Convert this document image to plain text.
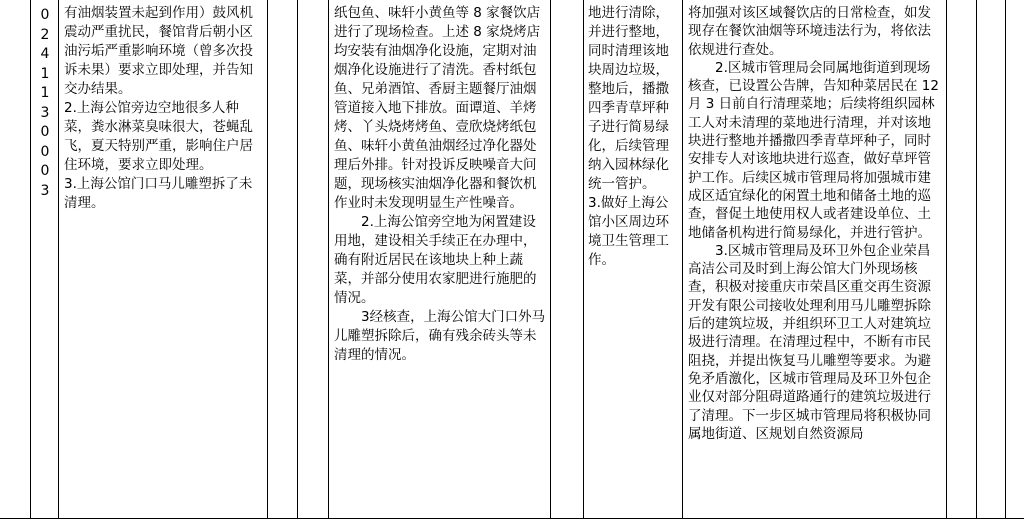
0
2
4
1
1
3
0
0
0
3

有油烟装置未起到作用）鼓风机震动严重扰民，餐馆背后朝小区油污垢严重影响环境（曾多次投诉未果）要求立即处理，并告知交办结果。

2.上海公馆旁边空地很多人种菜，粪水淋菜臭味很大，苍蝇乱飞，夏天特别严重，影响住户居住环境，要求立即处理。

3.上海公馆门口马儿雕塑拆了未清理。

纸包鱼、味轩小黄鱼等 8 家餐饮店进行了现场检查。上述 8 家烧烤店均安装有油烟净化设施，定期对油烟净化设施进行了清洗。香村纸包鱼、兄弟酒馆、香厨主题餐厅油烟管道接入地下排放。面谭道、羊烤烤、丫头烧烤烤鱼、壹欣烧烤纸包鱼、味轩小黄鱼油烟经过净化器处理后外排。针对投诉反映噪音大问题，现场核实油烟净化器和餐饮机作业时未发现明显生产性噪音。

2.上海公馆旁空地为闲置建设用地，建设相关手续正在办理中，确有附近居民在该地块上种上蔬菜，并部分使用农家肥进行施肥的情况。

3经核查，上海公馆大门口外马儿雕塑拆除后，确有残余砖头等未清理的情况。

地进行清除，并进行整地，同时清理该地块周边垃圾，整地后，播撒四季青草坪种子进行简易绿化，后续管理纳入园林绿化统一管护。

3.做好上海公馆小区周边环境卫生管理工作。

将加强对该区域餐饮店的日常检查，如发现存在餐饮油烟等环境违法行为，将依法依规进行查处。

2.区城市管理局会同属地街道到现场核查，已设置公告牌，告知种菜居民在 12 月 3 日前自行清理菜地；后续将组织园林工人对未清理的菜地进行清理，并对该地块进行整地并播撒四季青草坪种子，同时安排专人对该地块进行巡查，做好草坪管护工作。后续区城市管理局将加强城市建成区适宜绿化的闲置土地和储备土地的巡查，督促土地使用权人或者建设单位、土地储备机构进行简易绿化，并进行管护。

3.区城市管理局及环卫外包企业荣昌高洁公司及时到上海公馆大门外现场核查，积极对接重庆市荣昌区重交再生资源开发有限公司接收处理利用马儿雕塑拆除后的建筑垃圾，并组织环卫工人对建筑垃圾进行清理。在清理过程中，不断有市民阻挠，并提出恢复马儿雕塑等要求。为避免矛盾激化，区城市管理局及环卫外包企业仅对部分阻碍道路通行的建筑垃圾进行了清理。下一步区城市管理局将积极协同属地街道、区规划自然资源局
